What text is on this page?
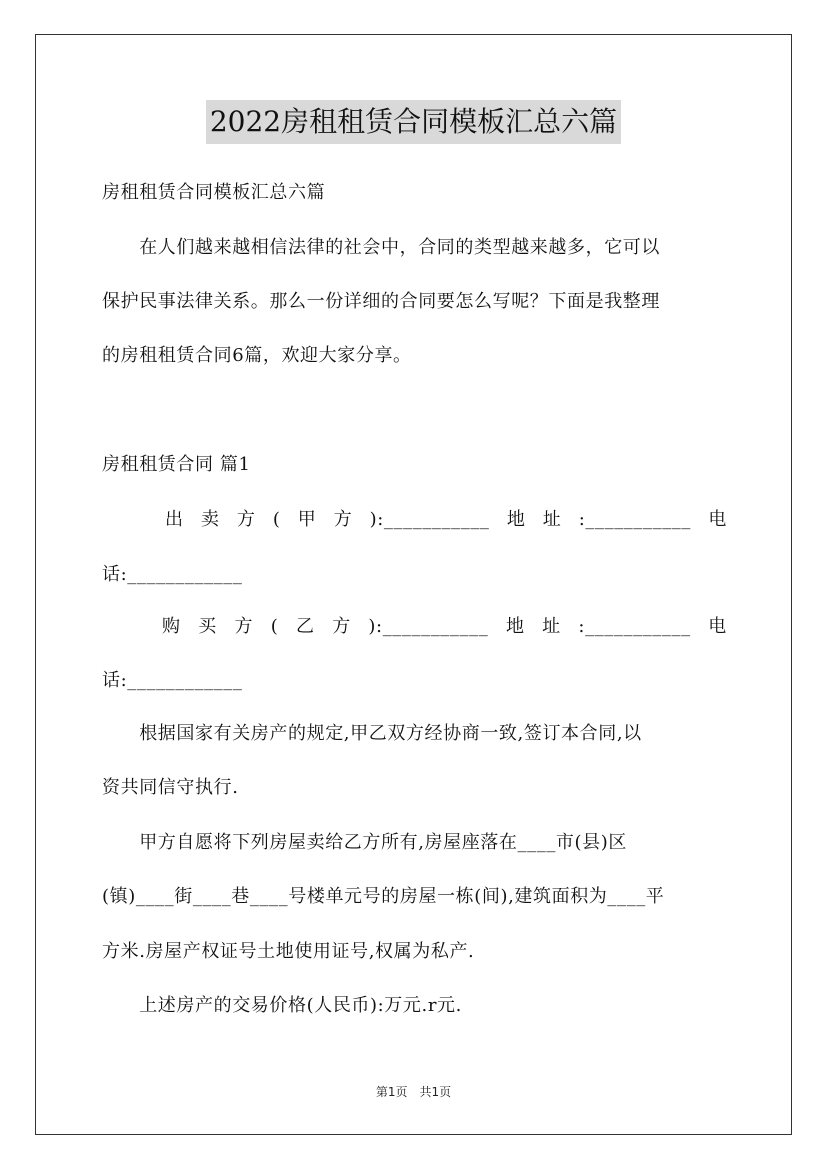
2022房租租赁合同模板汇总六篇
房租租赁合同模板汇总六篇
　　在人们越来越相信法律的社会中，合同的类型越来越多，它可以
保护民事法律关系。那么一份详细的合同要怎么写呢？下面是我整理
的房租租赁合同6篇，欢迎大家分享。
房租租赁合同 篇1
出 卖 方 ( 甲 方 ):___________ 地 址 :___________ 电
话:____________
购 买 方 ( 乙 方 ):___________ 地 址 :___________ 电
话:____________
　　根据国家有关房产的规定,甲乙双方经协商一致,签订本合同,以
资共同信守执行.
　　甲方自愿将下列房屋卖给乙方所有,房屋座落在____市(县)区
(镇)____街____巷____号楼单元号的房屋一栋(间),建筑面积为____平
方米.房屋产权证号土地使用证号,权属为私产.
　　上述房产的交易价格(人民币):万元.r元.
第1页　共1页
